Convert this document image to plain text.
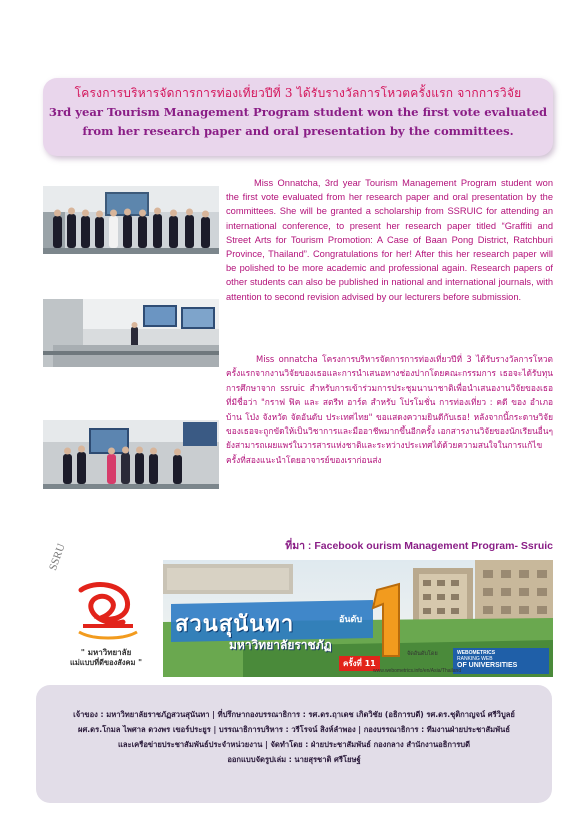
โครงการบริหารจัดการการท่องเที่ยวปีที่ 3 ได้รับรางวัลการโหวตครั้งแรก จากการวิจัย
3rd year Tourism Management Program student won the first vote evaluated
from her research paper and oral presentation by the committees.

Miss Onnatcha, 3rd year Tourism Management Program student won the first vote evaluated from her research paper and oral presentation by the committees. She will be granted a scholarship from SSRUIC for attending an international conference, to present her research paper titled “Graffiti and Street Arts for Tourism Promotion: A Case of Baan Pong District, Ratchburi Province, Thailand”. Congratulations for her! After this her research paper will be polished to be more academic and professional again. Research papers of other students can also be published in national and international journals, with attention to second revision advised by our lecturers before submission.

Miss onnatcha โครงการบริหารจัดการการท่องเที่ยวปีที่ 3 ได้รับรางวัลการโหวตครั้งแรกจากงานวิจัยของเธอและการนำเสนอทางช่องปากโดยคณะกรรมการ เธอจะได้รับทุนการศึกษาจาก ssruic สำหรับการเข้าร่วมการประชุมนานาชาติเพื่อนำเสนองานวิจัยของเธอที่มีชื่อว่า "กราฟ ฟิค และ สตรีท อาร์ต สำหรับ โปรโมชั่น การท่องเที่ยว : คดี ของ อำเภอ บ้าน โป่ง จังหวัด จัดอันดับ ประเทศไทย" ขอแสดงความยินดีกับเธอ! หลังจากนี้กระดาษวิจัยของเธอจะถูกขัดให้เป็นวิชาการและมืออาชีพมากขึ้นอีกครั้ง เอกสารงานวิจัยของนักเรียนอื่นๆยังสามารถเผยแพร่ในวารสารแห่งชาติและระหว่างประเทศได้ด้วยความสนใจในการแก้ไขครั้งที่สองแนะนำโดยอาจารย์ของเราก่อนส่ง

ที่มา : Facebook ourism Management Program- Ssruic
SSRU
" มหาวิทยาลัย
แม่แบบที่ดีของสังคม "
สวนสุนันทา	อันดับ
มหาวิทยาลัยราชภัฏ
ครั้งที่ 11
จัดอันดับโดย	WEBOMETRICS
RANKING WEB
OF UNIVERSITIES
www.webometrics.info/en/Asia/Thailand
เจ้าของ : มหาวิทยาลัยราชภัฏสวนสุนันทา | ที่ปรึกษากองบรรณาธิการ : รศ.ดร.ฤาเดช เกิดวิชัย (อธิการบดี) รศ.ดร.ชุติกาญจน์ ศรีวิบูลย์
ผศ.ดร.โกมล ไพศาล ดวงพร เขอร์ประยูร | บรรณาธิการบริหาร : วรีโรจน์ สิงห์ลำพอง | กองบรรณาธิการ : ทีมงานฝ่ายประชาสัมพันธ์
และเครือข่ายประชาสัมพันธ์ประจำหน่วยงาน | จัดทำโดย : ฝ่ายประชาสัมพันธ์ กองกลาง สำนักงานอธิการบดี
ออกแบบจัดรูปเล่ม : นายสุรชาติ ศรีโยษฐ์
